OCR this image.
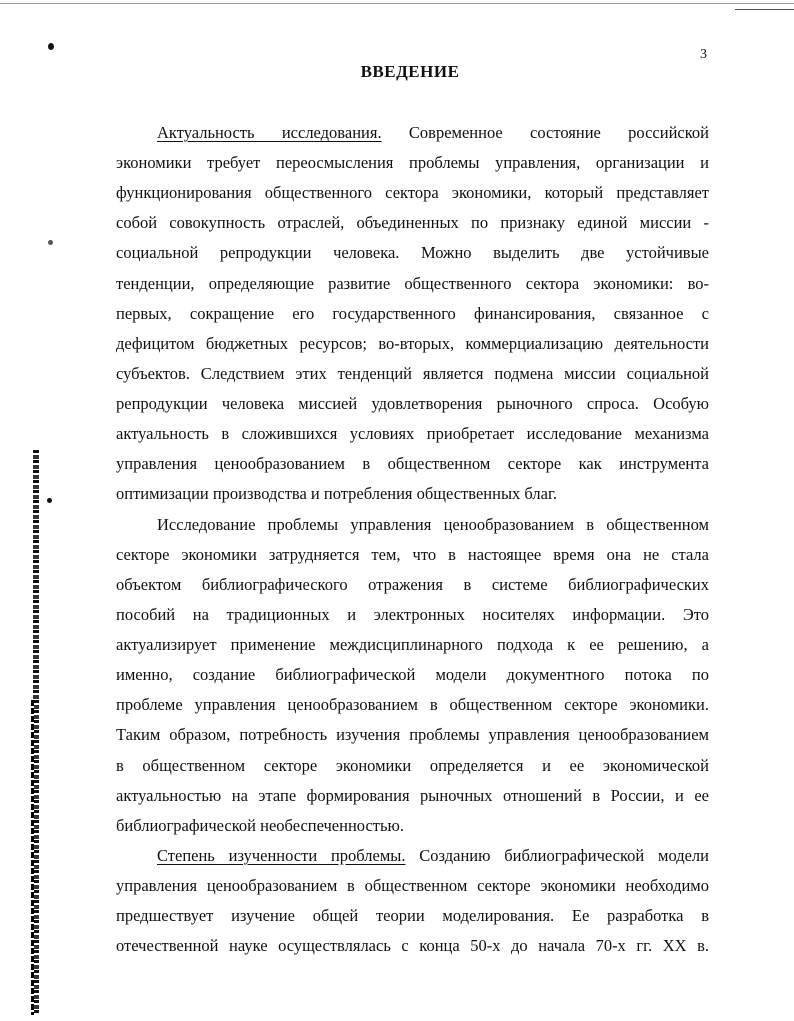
3
ВВЕДЕНИЕ
Актуальность исследования. Современное состояние российской
экономики требует переосмысления проблемы управления, организации и
функционирования общественного сектора экономики, который представляет
собой совокупность отраслей, объединенных по признаку единой миссии -
социальной репродукции человека. Можно выделить две устойчивые
тенденции, определяющие развитие общественного сектора экономики: во-
первых, сокращение его государственного финансирования, связанное с
дефицитом бюджетных ресурсов; во-вторых, коммерциализацию деятельности
субъектов. Следствием этих тенденций является подмена миссии социальной
репродукции человека миссией удовлетворения рыночного спроса. Особую
актуальность в сложившихся условиях приобретает исследование механизма
управления ценообразованием в общественном секторе как инструмента
оптимизации производства и потребления общественных благ.
Исследование проблемы управления ценообразованием в общественном
секторе экономики затрудняется тем, что в настоящее время она не стала
объектом библиографического отражения в системе библиографических
пособий на традиционных и электронных носителях информации. Это
актуализирует применение междисциплинарного подхода к ее решению, а
именно, создание библиографической модели документного потока по
проблеме управления ценообразованием в общественном секторе экономики.
Таким образом, потребность изучения проблемы управления ценообразованием
в общественном секторе экономики определяется и ее экономической
актуальностью на этапе формирования рыночных отношений в России, и ее
библиографической необеспеченностью.
Степень изученности проблемы. Созданию библиографической модели
управления ценообразованием в общественном секторе экономики необходимо
предшествует изучение общей теории моделирования. Ее разработка в
отечественной науке осуществлялась с конца 50-х до начала 70-х гг. XX в.
